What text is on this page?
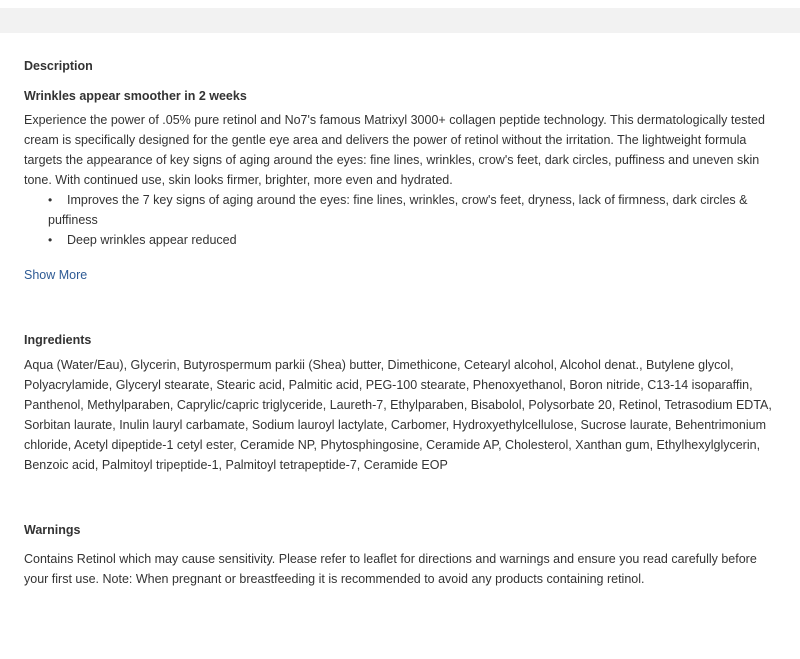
Description
Wrinkles appear smoother in 2 weeks

Experience the power of .05% pure retinol and No7's famous Matrixyl 3000+ collagen peptide technology. This dermatologically tested cream is specifically designed for the gentle eye area and delivers the power of retinol without the irritation. The lightweight formula targets the appearance of key signs of aging around the eyes: fine lines, wrinkles, crow's feet, dark circles, puffiness and uneven skin tone. With continued use, skin looks firmer, brighter, more even and hydrated.

• Improves the 7 key signs of aging around the eyes: fine lines, wrinkles, crow's feet, dryness, lack of firmness, dark circles &
puffiness
• Deep wrinkles appear reduced
Show More
Ingredients

Aqua (Water/Eau), Glycerin, Butyrospermum parkii (Shea) butter, Dimethicone, Cetearyl alcohol, Alcohol denat., Butylene glycol, Polyacrylamide, Glyceryl stearate, Stearic acid, Palmitic acid, PEG-100 stearate, Phenoxyethanol, Boron nitride, C13-14 isoparaffin, Panthenol, Methylparaben, Caprylic/capric triglyceride, Laureth-7, Ethylparaben, Bisabolol, Polysorbate 20, Retinol, Tetrasodium EDTA, Sorbitan laurate, Inulin lauryl carbamate, Sodium lauroyl lactylate, Carbomer, Hydroxyethylcellulose, Sucrose laurate, Behentrimonium chloride, Acetyl dipeptide-1 cetyl ester, Ceramide NP, Phytosphingosine, Ceramide AP, Cholesterol, Xanthan gum, Ethylhexylglycerin, Benzoic acid, Palmitoyl tripeptide-1, Palmitoyl tetrapeptide-7, Ceramide EOP

Warnings

Contains Retinol which may cause sensitivity. Please refer to leaflet for directions and warnings and ensure you read carefully before your first use. Note: When pregnant or breastfeeding it is recommended to avoid any products containing retinol.
